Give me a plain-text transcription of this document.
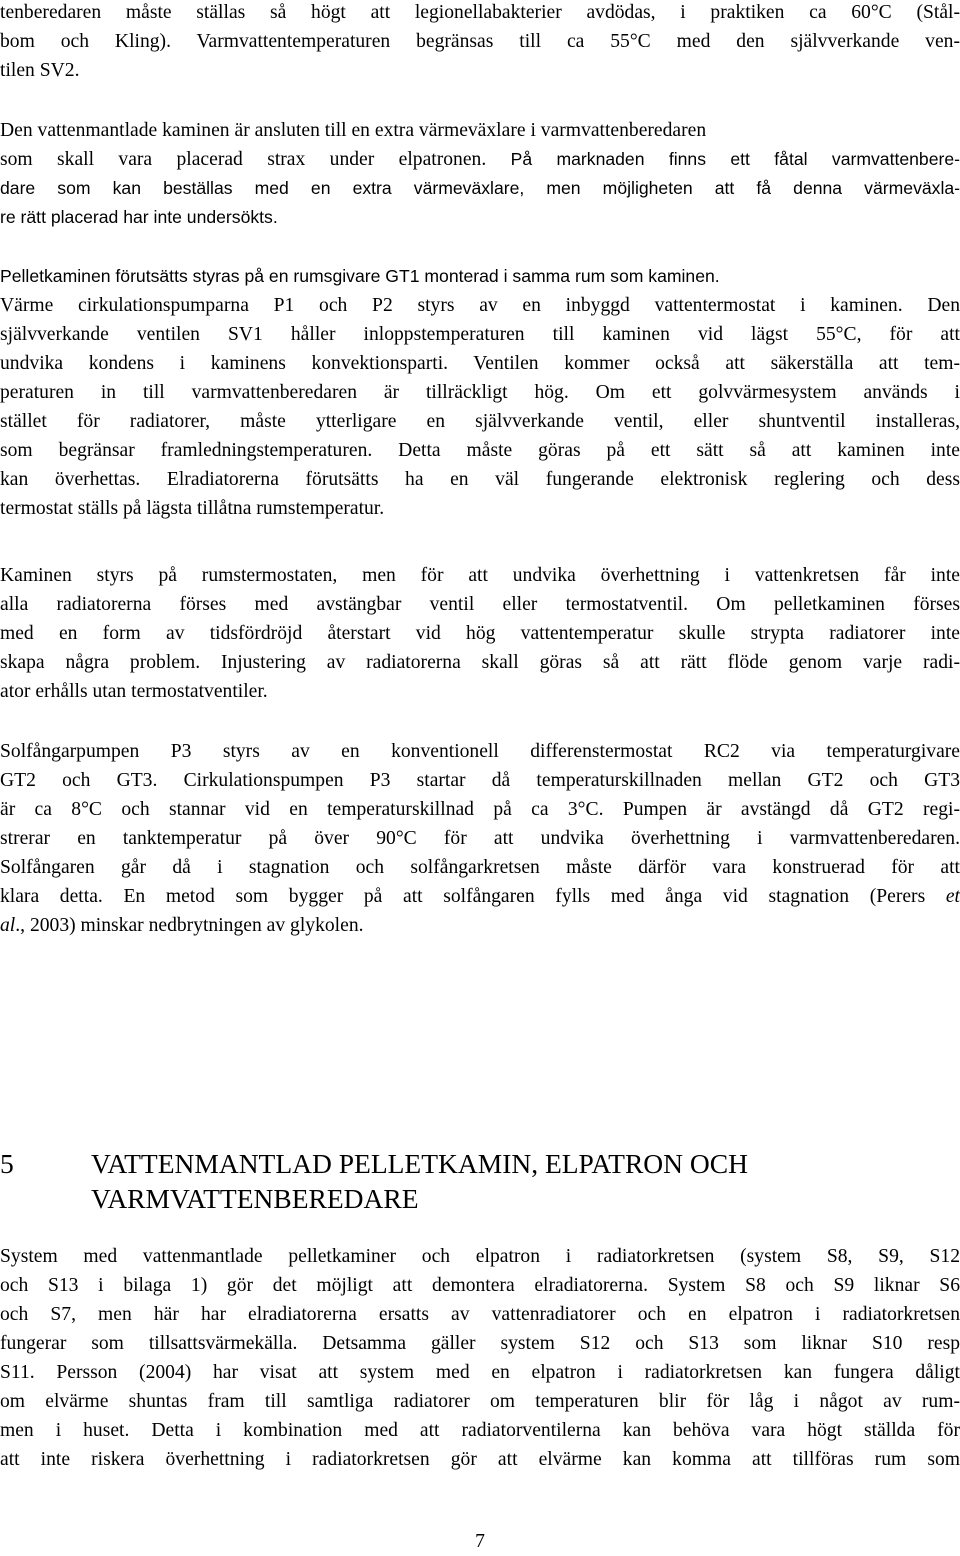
tenberedaren måste ställas så högt att legionellabakterier avdödas, i praktiken ca 60°C (Stål-
bom och Kling). Varmvattentemperaturen begränsas till ca 55°C med den självverkande ven-
tilen SV2.
Den vattenmantlade kaminen är ansluten till en extra värmeväxlare i varmvattenberedaren
som skall vara placerad strax under elpatronen. På marknaden finns ett fåtal varmvattenbere-
dare som kan beställas med en extra värmeväxlare, men möjligheten att få denna värmeväxla-
re rätt placerad har inte undersökts.
Pelletkaminen förutsätts styras på en rumsgivare GT1 monterad i samma rum som kaminen.
Värme cirkulationspumparna P1 och P2 styrs av en inbyggd vattentermostat i kaminen. Den
självverkande ventilen SV1 håller inloppstemperaturen till kaminen vid lägst 55°C, för att
undvika kondens i kaminens konvektionsparti. Ventilen kommer också att säkerställa att tem-
peraturen in till varmvattenberedaren är tillräckligt hög. Om ett golvvärmesystem används i
stället för radiatorer, måste ytterligare en självverkande ventil, eller shuntventil installeras,
som begränsar framledningstemperaturen. Detta måste göras på ett sätt så att kaminen inte
kan överhettas. Elradiatorerna förutsätts ha en väl fungerande elektronisk reglering och dess
termostat ställs på lägsta tillåtna rumstemperatur.
Kaminen styrs på rumstermostaten, men för att undvika överhettning i vattenkretsen får inte
alla radiatorerna förses med avstängbar ventil eller termostatventil. Om pelletkaminen förses
med en form av tidsfördröjd återstart vid hög vattentemperatur skulle strypta radiatorer inte
skapa några problem. Injustering av radiatorerna skall göras så att rätt flöde genom varje radi-
ator erhålls utan termostatventiler.
Solfångarpumpen P3 styrs av en konventionell differenstermostat RC2 via temperaturgivare
GT2 och GT3. Cirkulationspumpen P3 startar då temperaturskillnaden mellan GT2 och GT3
är ca 8°C och stannar vid en temperaturskillnad på ca 3°C. Pumpen är avstängd då GT2 regi-
strerar en tanktemperatur på över 90°C för att undvika överhettning i varmvattenberedaren.
Solfångaren går då i stagnation och solfångarkretsen måste därför vara konstruerad för att
klara detta. En metod som bygger på att solfångaren fylls med ånga vid stagnation (Perers et
al., 2003) minskar nedbrytningen av glykolen.
5	VATTENMANTLAD PELLETKAMIN, ELPATRON OCH
VARMVATTENBEREDARE
System med vattenmantlade pelletkaminer och elpatron i radiatorkretsen (system S8, S9, S12
och S13 i bilaga 1) gör det möjligt att demontera elradiatorerna. System S8 och S9 liknar S6
och S7, men här har elradiatorerna ersatts av vattenradiatorer och en elpatron i radiatorkretsen
fungerar som tillsattsvärmekälla. Detsamma gäller system S12 och S13 som liknar S10 resp
S11. Persson (2004) har visat att system med en elpatron i radiatorkretsen kan fungera dåligt
om elvärme shuntas fram till samtliga radiatorer om temperaturen blir för låg i något av rum-
men i huset. Detta i kombination med att radiatorventilerna kan behöva vara högt ställda för
att inte riskera överhettning i radiatorkretsen gör att elvärme kan komma att tillföras rum som
7
